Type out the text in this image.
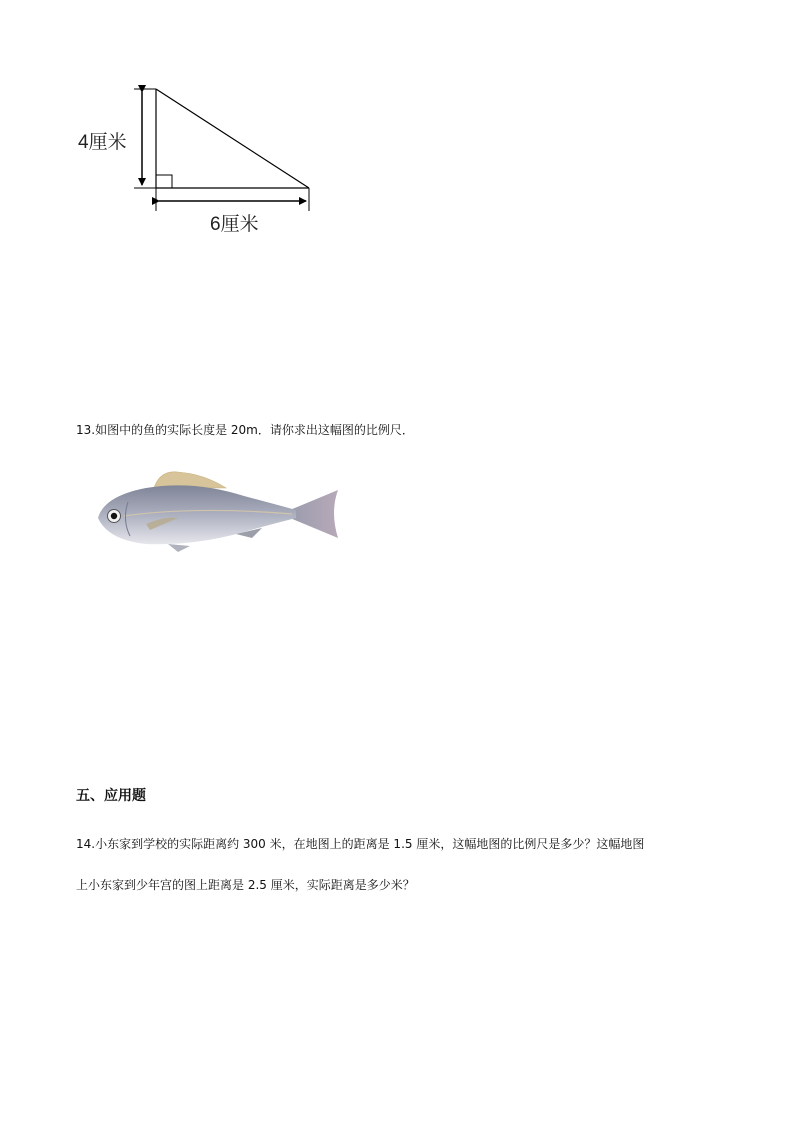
4厘米
6厘米
13.如图中的鱼的实际长度是 20m．请你求出这幅图的比例尺．
五、应用题
14.小东家到学校的实际距离约 300 米，在地图上的距离是 1.5 厘米，这幅地图的比例尺是多少？这幅地图
上小东家到少年宫的图上距离是 2.5 厘米，实际距离是多少米？
